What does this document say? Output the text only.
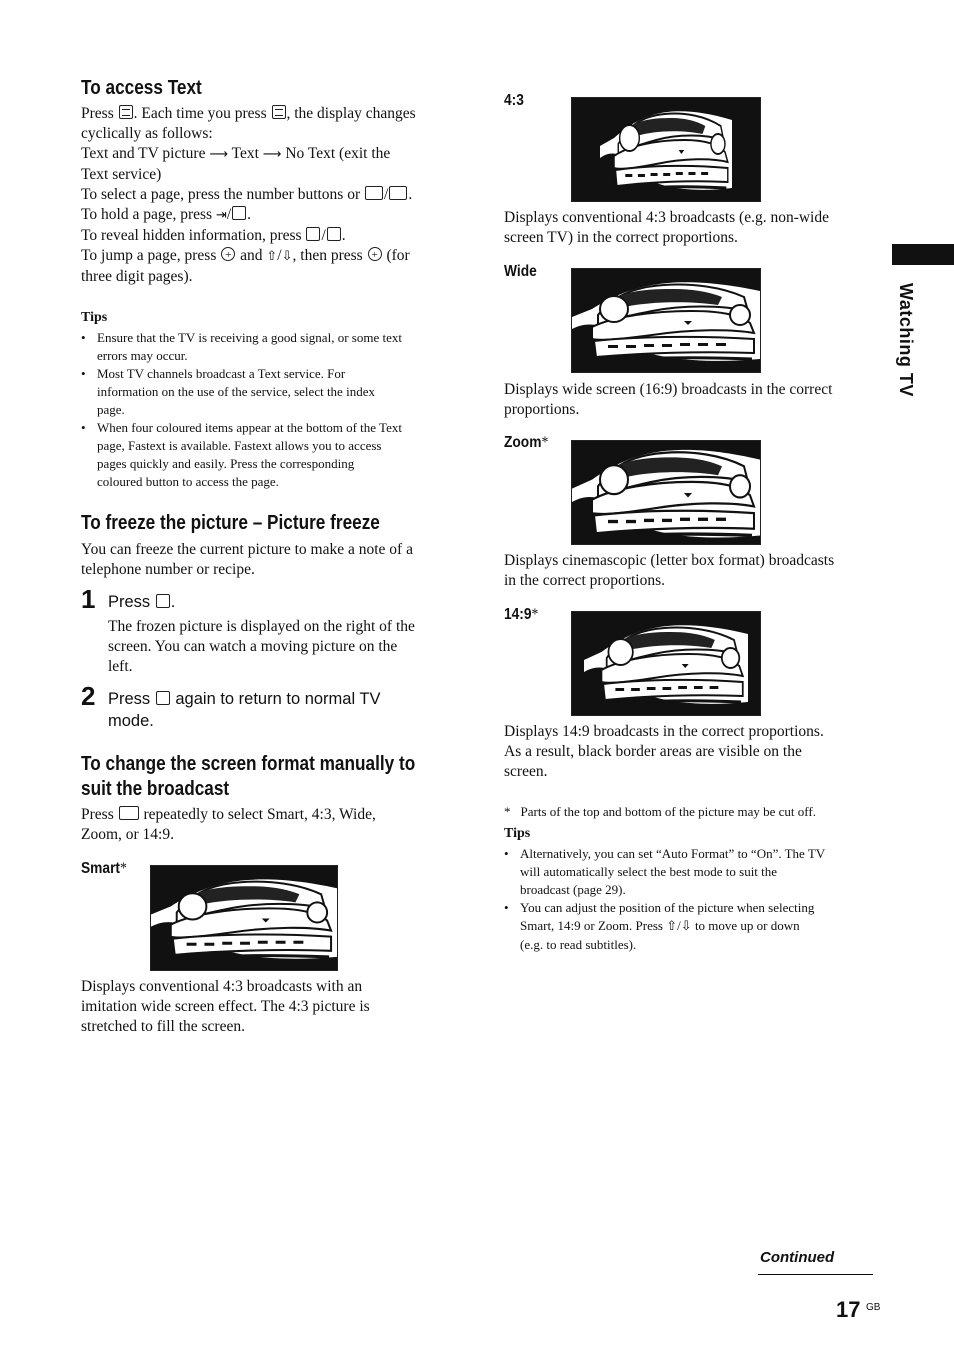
Watching TV
To access Text
Press . Each time you press , the display changes
cyclically as follows:
Text and TV picture ⟶ Text ⟶ No Text (exit the
Text service)
To select a page, press the number buttons or / .
To hold a page, press ⇥/ .
To reveal hidden information, press / .
To jump a page, press + and ⇧/⇩, then press + (for
three digit pages).
Tips
• Ensure that the TV is receiving a good signal, or some text
errors may occur.
• Most TV channels broadcast a Text service. For
information on the use of the service, select the index
page.
• When four coloured items appear at the bottom of the Text
page, Fastext is available. Fastext allows you to access
pages quickly and easily. Press the corresponding
coloured button to access the page.
To freeze the picture – Picture freeze
You can freeze the current picture to make a note of a
telephone number or recipe.
1 Press .
The frozen picture is displayed on the right of the
screen. You can watch a moving picture on the
left.
2 Press again to return to normal TV
mode.
To change the screen format manually to
suit the broadcast
Press repeatedly to select Smart, 4:3, Wide,
Zoom, or 14:9.
Smart*
Displays conventional 4:3 broadcasts with an
imitation wide screen effect. The 4:3 picture is
stretched to fill the screen.
4:3
Displays conventional 4:3 broadcasts (e.g. non-wide
screen TV) in the correct proportions.
Wide
Displays wide screen (16:9) broadcasts in the correct
proportions.
Zoom*
Displays cinemascopic (letter box format) broadcasts
in the correct proportions.
14:9*
Displays 14:9 broadcasts in the correct proportions.
As a result, black border areas are visible on the
screen.
* Parts of the top and bottom of the picture may be cut off.
Tips
• Alternatively, you can set “Auto Format” to “On”. The TV
will automatically select the best mode to suit the
broadcast (page 29).
• You can adjust the position of the picture when selecting
Smart, 14:9 or Zoom. Press ⇧/⇩ to move up or down
(e.g. to read subtitles).
Continued
17 GB
